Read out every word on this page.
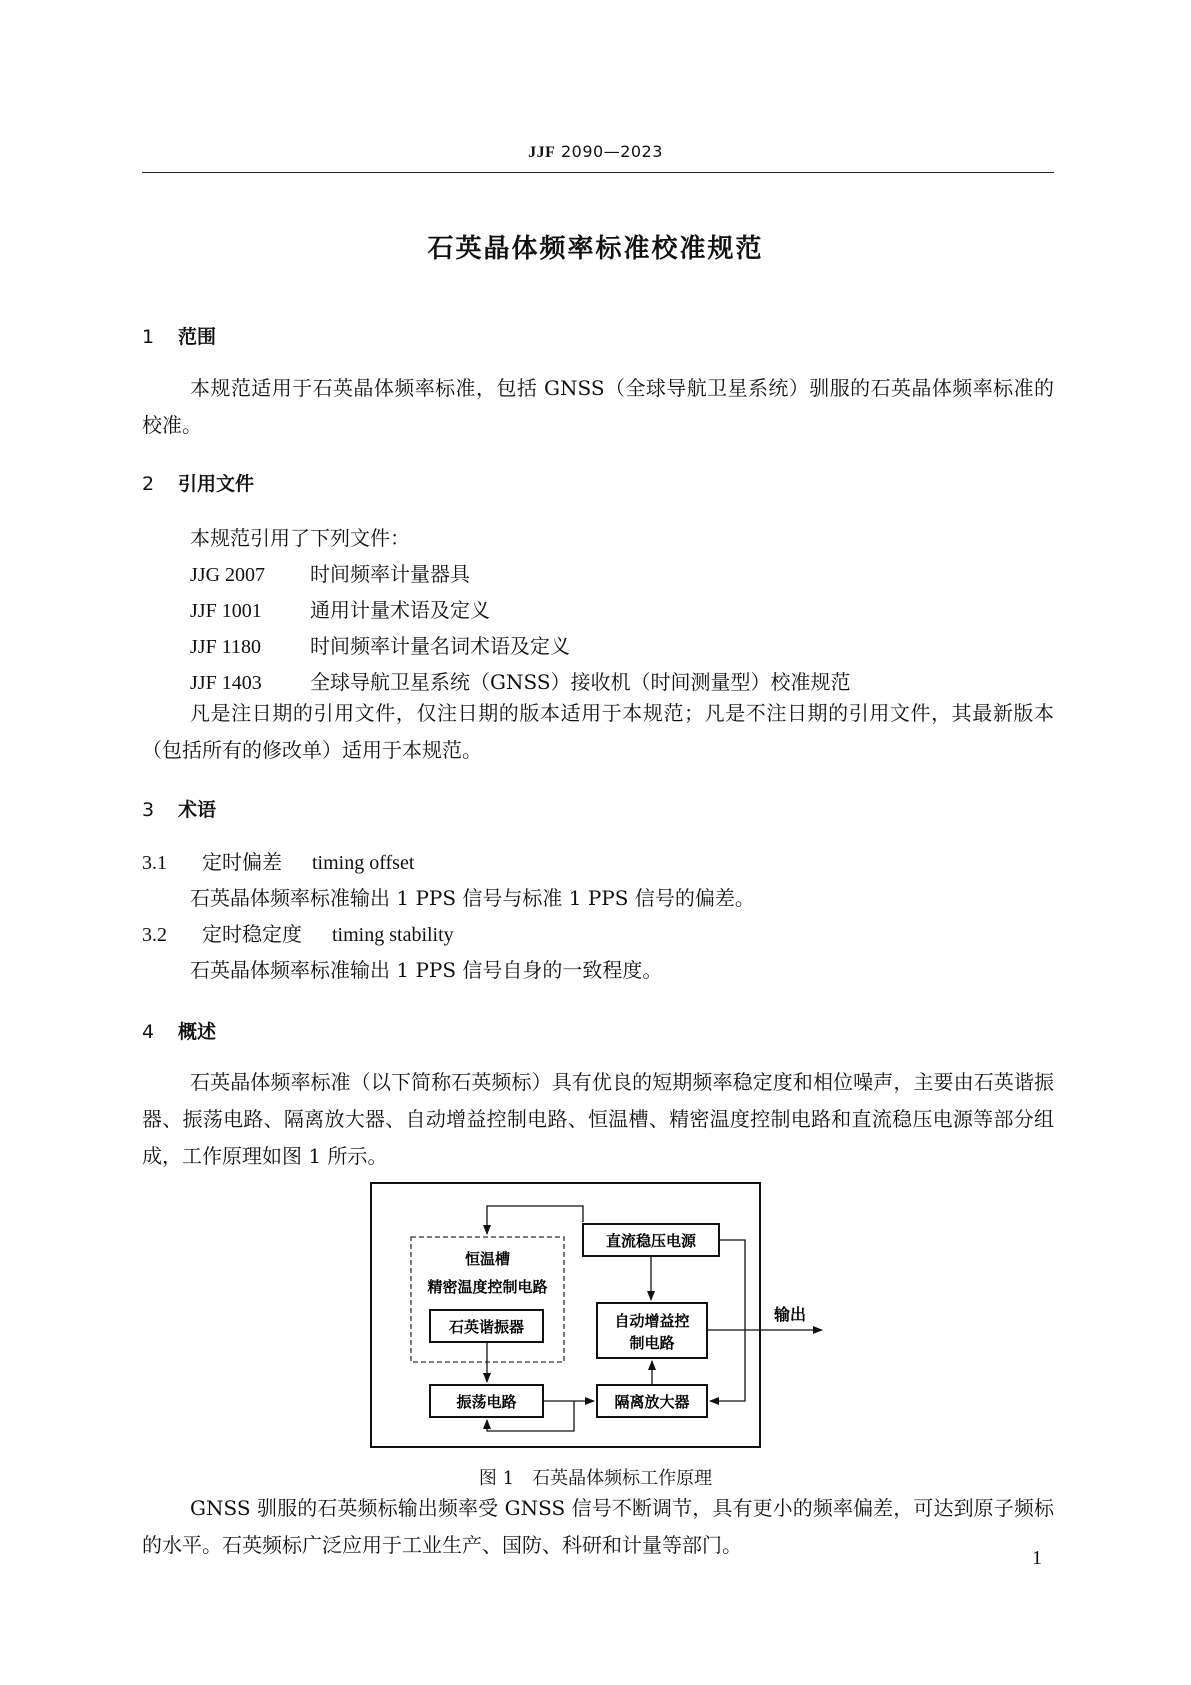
JJF 2090—2023
石英晶体频率标准校准规范
1 范围
本规范适用于石英晶体频率标准，包括 GNSS（全球导航卫星系统）驯服的石英晶体频率标准的校准。
2 引用文件
本规范引用了下列文件：
JJG 2007 时间频率计量器具
JJF 1001 通用计量术语及定义
JJF 1180 时间频率计量名词术语及定义
JJF 1403 全球导航卫星系统（GNSS）接收机（时间测量型）校准规范
凡是注日期的引用文件，仅注日期的版本适用于本规范；凡是不注日期的引用文件，其最新版本（包括所有的修改单）适用于本规范。
3 术语
3.1 定时偏差 timing offset
石英晶体频率标准输出 1 PPS 信号与标准 1 PPS 信号的偏差。
3.2 定时稳定度 timing stability
石英晶体频率标准输出 1 PPS 信号自身的一致程度。
4 概述
石英晶体频率标准（以下简称石英频标）具有优良的短期频率稳定度和相位噪声，主要由石英谐振器、振荡电路、隔离放大器、自动增益控制电路、恒温槽、精密温度控制电路和直流稳压电源等部分组成，工作原理如图 1 所示。
恒温槽
精密温度控制电路
石英谐振器
振荡电路
直流稳压电源
自动增益控
制电路
隔离放大器
输出
图 1　石英晶体频标工作原理
GNSS 驯服的石英频标输出频率受 GNSS 信号不断调节，具有更小的频率偏差，可达到原子频标的水平。石英频标广泛应用于工业生产、国防、科研和计量等部门。
1
